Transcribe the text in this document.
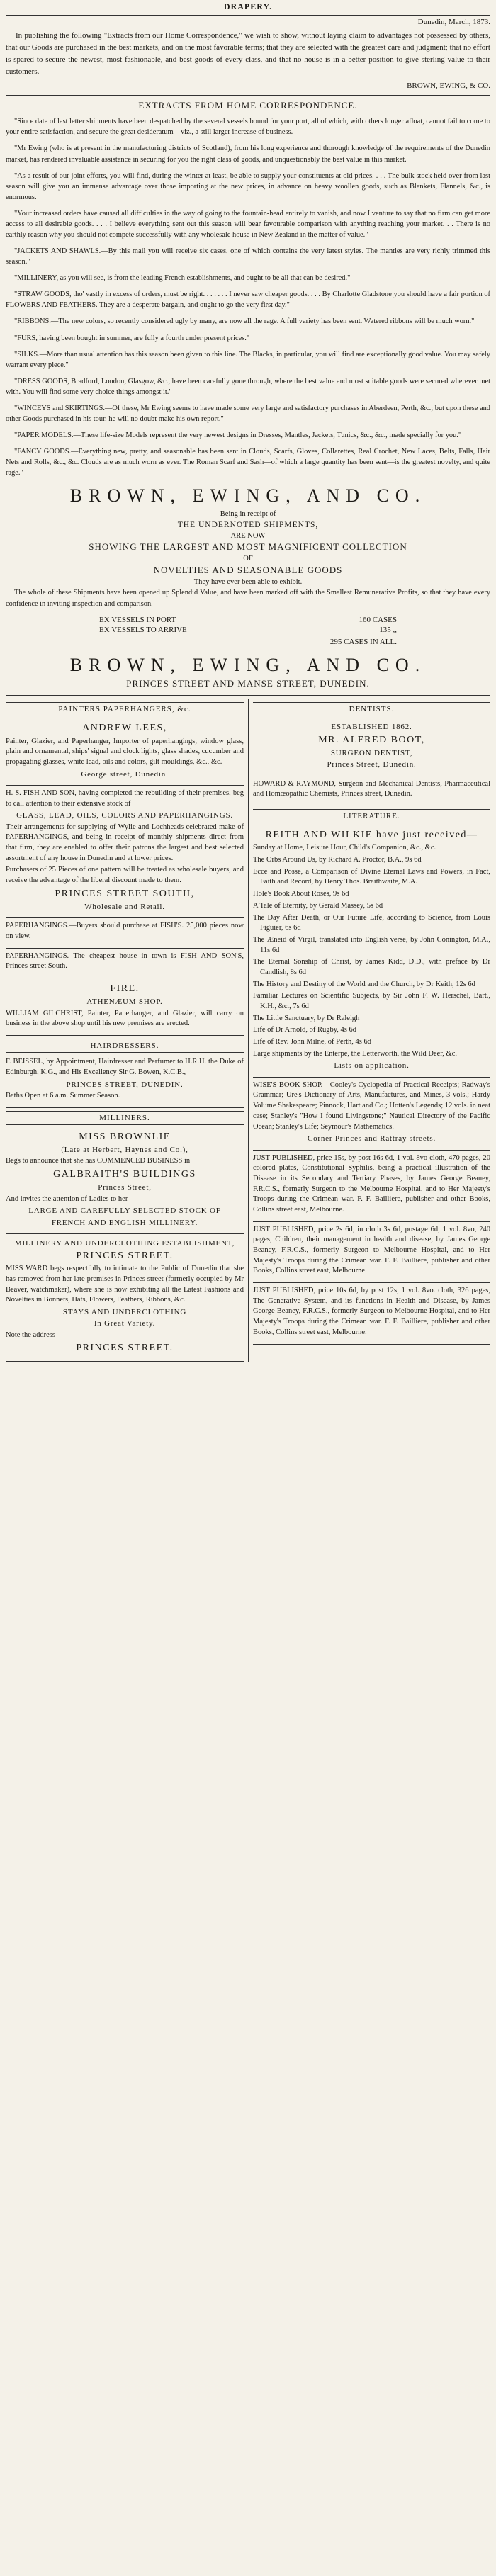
DRAPERY.
Dunedin, March, 1873.

In publishing the following "Extracts from our Home Correspondence," we wish to show, without laying claim to advantages not possessed by others, that our Goods are purchased in the best markets, and on the most favorable terms; that they are selected with the greatest care and judgment; that no effort is spared to secure the newest, most fashionable, and best goods of every class, and that no house is in a better position to give sterling value to their customers.

BROWN, EWING, & CO.
EXTRACTS FROM HOME CORRESPONDENCE.

"Since date of last letter shipments have been despatched by the several vessels bound for your port, all of which, with others longer afloat, cannot fail to come to your entire satisfaction, and secure the great desideratum—viz., a still larger increase of business.

"Mr Ewing (who is at present in the manufacturing districts of Scotland), from his long experience and thorough knowledge of the requirements of the Dunedin market, has rendered invaluable assistance in securing for you the right class of goods, and unquestionably the best value in this market.

"As a result of our joint efforts, you will find, during the winter at least, be able to supply your constituents at old prices. . . . The bulk stock held over from last season will give you an immense advantage over those importing at the new prices, in advance on heavy woollen goods, such as Blankets, Flannels, &c., is enormous.

"Your increased orders have caused all difficulties in the way of going to the fountain-head entirely to vanish, and now I venture to say that no firm can get more access to all desirable goods. . . . I believe everything sent out this season will bear favourable comparison with anything reaching your market. . . There is no earthly reason why you should not compete successfully with any wholesale house in New Zealand in the matter of value."

"JACKETS AND SHAWLS.—By this mail you will receive six cases, one of which contains the very latest styles. The mantles are very richly trimmed this season."

"MILLINERY, as you will see, is from the leading French establishments, and ought to be all that can be desired."

"STRAW GOODS, tho' vastly in excess of orders, must be right. . . . . . . I never saw cheaper goods. . . . By Charlotte Gladstone you should have a fair portion of FLOWERS AND FEATHERS. They are a desperate bargain, and ought to go the very first day."

"RIBBONS.—The new colors, so recently considered ugly by many, are now all the rage. A full variety has been sent. Watered ribbons will be much worn."

"FURS, having been bought in summer, are fully a fourth under present prices."

"SILKS.—More than usual attention has this season been given to this line. The Blacks, in particular, you will find are exceptionally good value. You may safely warrant every piece."

"DRESS GOODS, Bradford, London, Glasgow, &c., have been carefully gone through, where the best value and most suitable goods were secured wherever met with. You will find some very choice things amongst it."

"WINCEYS and SKIRTINGS.—Of these, Mr Ewing seems to have made some very large and satisfactory purchases in Aberdeen, Perth, &c.; but upon these and other Goods purchased in his tour, he will no doubt make his own report."

"PAPER MODELS.—These life-size Models represent the very newest designs in Dresses, Mantles, Jackets, Tunics, &c., &c., made specially for you."

"FANCY GOODS.—Everything new, pretty, and seasonable has been sent in Clouds, Scarfs, Gloves, Collarettes, Real Crochet, New Laces, Belts, Falls, Hair Nets and Rolls, &c., &c. Clouds are as much worn as ever. The Roman Scarf and Sash—of which a large quantity has been sent—is the greatest novelty, and quite rage."

BROWN, EWING, AND CO.
Being in receipt of
THE UNDERNOTED SHIPMENTS,
ARE NOW
SHOWING THE LARGEST AND MOST MAGNIFICENT COLLECTION
OF
NOVELTIES AND SEASONABLE GOODS
They have ever been able to exhibit.

The whole of these Shipments have been opened up Splendid Value, and have been marked off with the Smallest Remunerative Profits, so that they have every confidence in inviting inspection and comparison.

EX VESSELS IN PORT	160 CASES
EX VESSELS TO ARRIVE	135 ,,
295 CASES IN ALL.
BROWN, EWING, AND CO.
PRINCES STREET AND MANSE STREET, DUNEDIN.
PAINTERS PAPERHANGERS, &c.
ANDREW LEES,

Painter, Glazier, and Paperhanger, Importer of paperhangings, window glass, plain and ornamental, ships' signal and clock lights, glass shades, cucumber and propagating glasses, white lead, oils and colors, gilt mouldings, &c., &c.

George street, Dunedin.

H. S. FISH AND SON, having completed the rebuilding of their premises, beg to call attention to their extensive stock of

GLASS, LEAD, OILS, COLORS AND PAPERHANGINGS.

Their arrangements for supplying of Wylie and Lochheads celebrated make of PAPERHANGINGS, and being in receipt of monthly shipments direct from that firm, they are enabled to offer their patrons the largest and best selected assortment of any house in Dunedin and at lower prices.

Purchasers of 25 Pieces of one pattern will be treated as wholesale buyers, and receive the advantage of the liberal discount made to them.

PRINCES STREET SOUTH,
Wholesale and Retail.

PAPERHANGINGS.—Buyers should purchase at FISH'S. 25,000 pieces now on view.

PAPERHANGINGS. The cheapest house in town is FISH AND SON'S, Princes-street South.

FIRE.
ATHENÆUM SHOP.

WILLIAM GILCHRIST, Painter, Paperhanger, and Glazier, will carry on business in the above shop until his new premises are erected.

HAIRDRESSERS.

F. BEISSEL, by Appointment, Hairdresser and Perfumer to H.R.H. the Duke of Edinburgh, K.G., and His Excellency Sir G. Bowen, K.C.B.,

PRINCES STREET, DUNEDIN.

Baths Open at 6 a.m. Summer Season.

MILLINERS.
MISS BROWNLIE
(Late at Herbert, Haynes and Co.),

Begs to announce that she has COMMENCED BUSINESS in

GALBRAITH'S BUILDINGS
Princes Street,

And invites the attention of Ladies to her

LARGE AND CAREFULLY SELECTED STOCK OF
FRENCH AND ENGLISH MILLINERY.
MILLINERY AND UNDERCLOTHING ESTABLISHMENT,
PRINCES STREET.

MISS WARD begs respectfully to intimate to the Public of Dunedin that she has removed from her late premises in Princes street (formerly occupied by Mr Beaver, watchmaker), where she is now exhibiting all the Latest Fashions and Novelties in Bonnets, Hats, Flowers, Feathers, Ribbons, &c.

STAYS AND UNDERCLOTHING
In Great Variety.

Note the address—

PRINCES STREET.
DENTISTS.
ESTABLISHED 1862.
MR. ALFRED BOOT,
SURGEON DENTIST,
Princes Street, Dunedin.

HOWARD & RAYMOND, Surgeon and Mechanical Dentists, Pharmaceutical and Homœopathic Chemists, Princes street, Dunedin.

LITERATURE.
REITH AND WILKIE have just received—

Sunday at Home, Leisure Hour, Child's Companion, &c., &c.

The Orbs Around Us, by Richard A. Proctor, B.A., 9s 6d

Ecce and Posse, a Comparison of Divine Eternal Laws and Powers, in Fact, Faith and Record, by Henry Thos. Braithwaite, M.A.

Hole's Book About Roses, 9s 6d

A Tale of Eternity, by Gerald Massey, 5s 6d

The Day After Death, or Our Future Life, according to Science, from Louis Figuier, 6s 6d

The Æneid of Virgil, translated into English verse, by John Conington, M.A., 11s 6d

The Eternal Sonship of Christ, by James Kidd, D.D., with preface by Dr Candlish, 8s 6d

The History and Destiny of the World and the Church, by Dr Keith, 12s 6d

Familiar Lectures on Scientific Subjects, by Sir John F. W. Herschel, Bart., K.H., &c., 7s 6d

The Little Sanctuary, by Dr Raleigh

Life of Dr Arnold, of Rugby, 4s 6d

Life of Rev. John Milne, of Perth, 4s 6d

Large shipments by the Enterpe, the Letterworth, the Wild Deer, &c.

Lists on application.

WISE'S BOOK SHOP.—Cooley's Cyclopedia of Practical Receipts; Radway's Grammar; Ure's Dictionary of Arts, Manufactures, and Mines, 3 vols.; Hardy Volume Shakespeare; Pinnock, Hart and Co.; Hotten's Legends; 12 vols. in neat case; Stanley's "How I found Livingstone;" Nautical Directory of the Pacific Ocean; Stanley's Life; Seymour's Mathematics.

Corner Princes and Rattray streets.

JUST PUBLISHED, price 15s, by post 16s 6d, 1 vol. 8vo cloth, 470 pages, 20 colored plates, Constitutional Syphilis, being a practical illustration of the Disease in its Secondary and Tertiary Phases, by James George Beaney, F.R.C.S., formerly Surgeon to the Melbourne Hospital, and to Her Majesty's Troops during the Crimean war. F. F. Bailliere, publisher and other Books, Collins street east, Melbourne.

JUST PUBLISHED, price 2s 6d, in cloth 3s 6d, postage 6d, 1 vol. 8vo, 240 pages, Children, their management in health and disease, by James George Beaney, F.R.C.S., formerly Surgeon to Melbourne Hospital, and to Her Majesty's Troops during the Crimean war. F. F. Bailliere, publisher and other Books, Collins street east, Melbourne.

JUST PUBLISHED, price 10s 6d, by post 12s, 1 vol. 8vo. cloth, 326 pages, The Generative System, and its functions in Health and Disease, by James George Beaney, F.R.C.S., formerly Surgeon to Melbourne Hospital, and to Her Majesty's Troops during the Crimean war. F. F. Bailliere, publisher and other Books, Collins street east, Melbourne.
